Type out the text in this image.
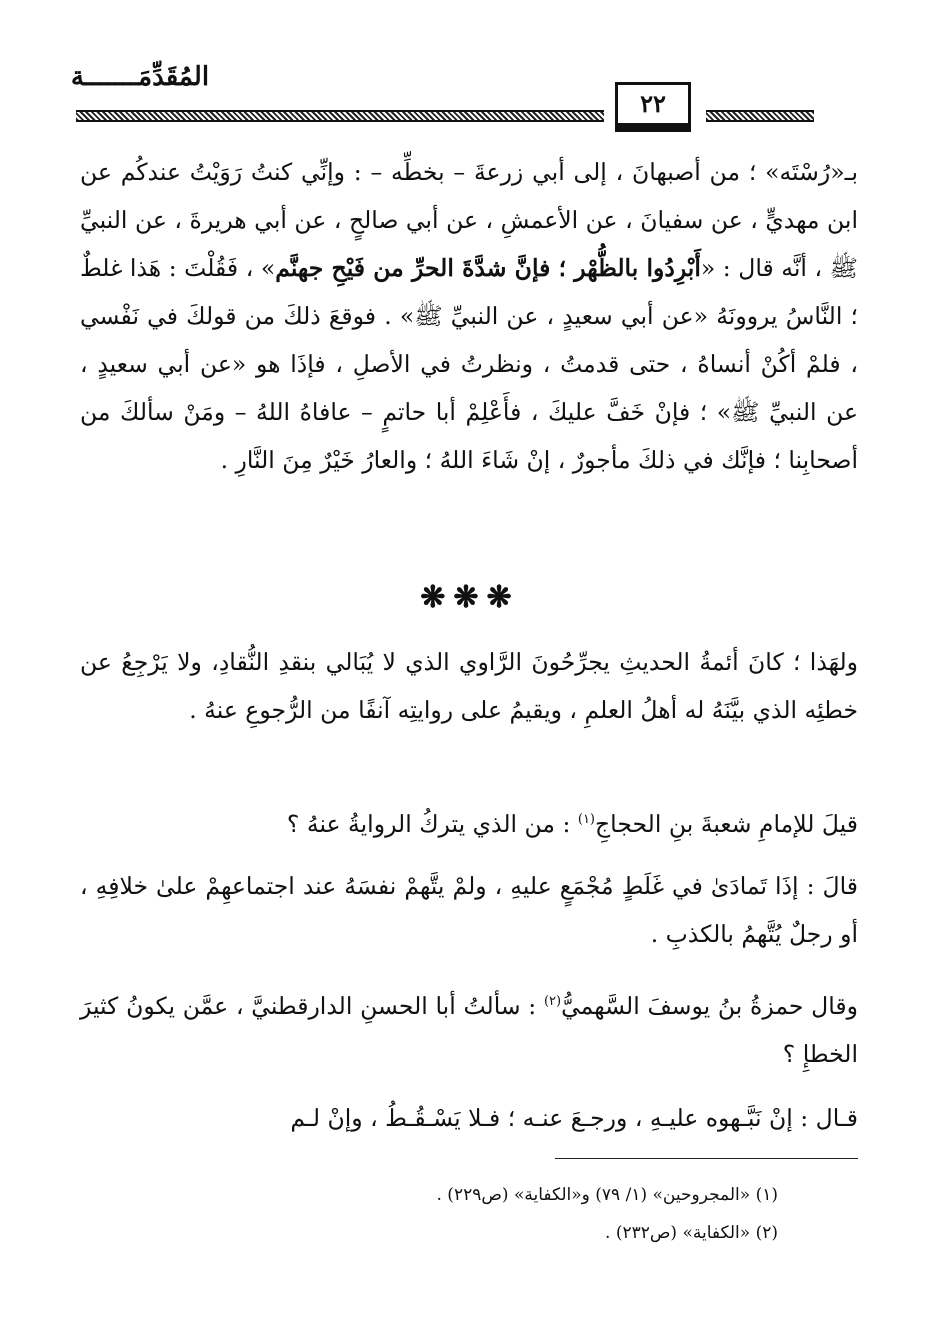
المُقَدِّمَـــــــة
٢٢
بـ«رُسْتَه» ؛ من أصبهانَ ، إلى أبي زرعةَ – بخطِّه – : وإنِّي كنتُ رَوَيْتُ عندكُم عن ابن مهديٍّ ، عن سفيانَ ، عن الأعمشِ ، عن أبي صالحٍ ، عن أبي هريرةَ ، عن النبيِّ ﷺ ، أنَّه قال : «أَبْرِدُوا بالظُّهْر ؛ فإنَّ شدَّةَ الحرِّ من فَيْحِ جهنَّم» ، فَقُلْتَ : هَذا غلطٌ ؛ النَّاسُ يروونَهُ «عن أبي سعيدٍ ، عن النبيِّ ﷺ» . فوقعَ ذلكَ من قولكَ في نَفْسي ، فلمْ أكُنْ أنساهُ ، حتى قدمتُ ، ونظرتُ في الأصلِ ، فإذَا هو «عن أبي سعيدٍ ، عن النبيِّ ﷺ» ؛ فإنْ خَفَّ عليكَ ، فأَعْلِمْ أبا حاتمٍ – عافاهُ اللهُ – ومَنْ سألكَ من أصحابِنا ؛ فإنَّك في ذلكَ مأجورٌ ، إنْ شَاءَ اللهُ ؛ والعارُ خَيْرٌ مِنَ النَّارِ .
❋❋❋
ولهَذا ؛ كانَ أئمةُ الحديثِ يجرِّحُونَ الرَّاوي الذي لا يُبَالي بنقدِ النُّقادِ، ولا يَرْجِعُ عن خطئِه الذي بيَّنَهُ له أهلُ العلمِ ، ويقيمُ على روايتِه آنفًا من الرُّجوعِ عنهُ .
قيلَ للإمامِ شعبةَ بنِ الحجاجِ$^{(١)}$ : من الذي يتركُ الروايةُ عنهُ ؟
قالَ : إذَا تَمادَىٰ في غَلَطٍ مُجْمَعٍ عليهِ ، ولمْ يتَّهمْ نفسَهُ عند اجتماعهِمْ علىٰ خلافِهِ ، أو رجلٌ يُتَّهمُ بالكذبِ .
وقال حمزةُ بنُ يوسفَ السَّهميُّ$^{(٢)}$ : سألتُ أبا الحسنِ الدارقطنيَّ ، عمَّن يكونُ كثيرَ الخطإِ ؟
قـال : إنْ نَبَّـهوه عليـهِ ، ورجـعَ عنـه ؛ فـلا يَسْـقُـطُ ، وإنْ لـم
(١) «المجروحين» (١/ ٧٩) و«الكفاية» (ص٢٢٩) .
(٢) «الكفاية» (ص٢٣٢) .
